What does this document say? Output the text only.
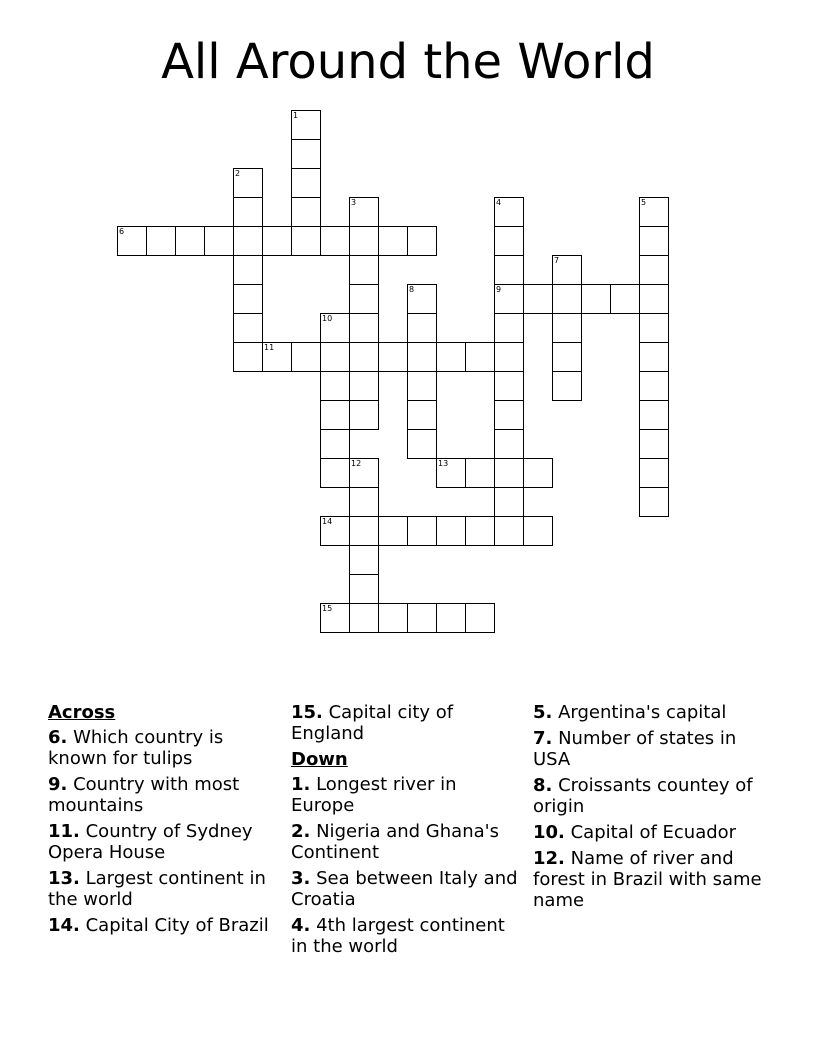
All Around the World
1
2
3	4
9
5
6
7
8
10
11
12	13
14
15
Across
6. Which country is known for tulips
9. Country with most mountains
11. Country of Sydney Opera House
13. Largest continent in the world
14. Capital City of Brazil
15. Capital city of England
Down
1. Longest river in Europe
2. Nigeria and Ghana's Continent
3. Sea between Italy and Croatia
4. 4th largest continent in the world
5. Argentina's capital
7. Number of states in USA
8. Croissants countey of origin
10. Capital of Ecuador
12. Name of river and forest in Brazil with same name
